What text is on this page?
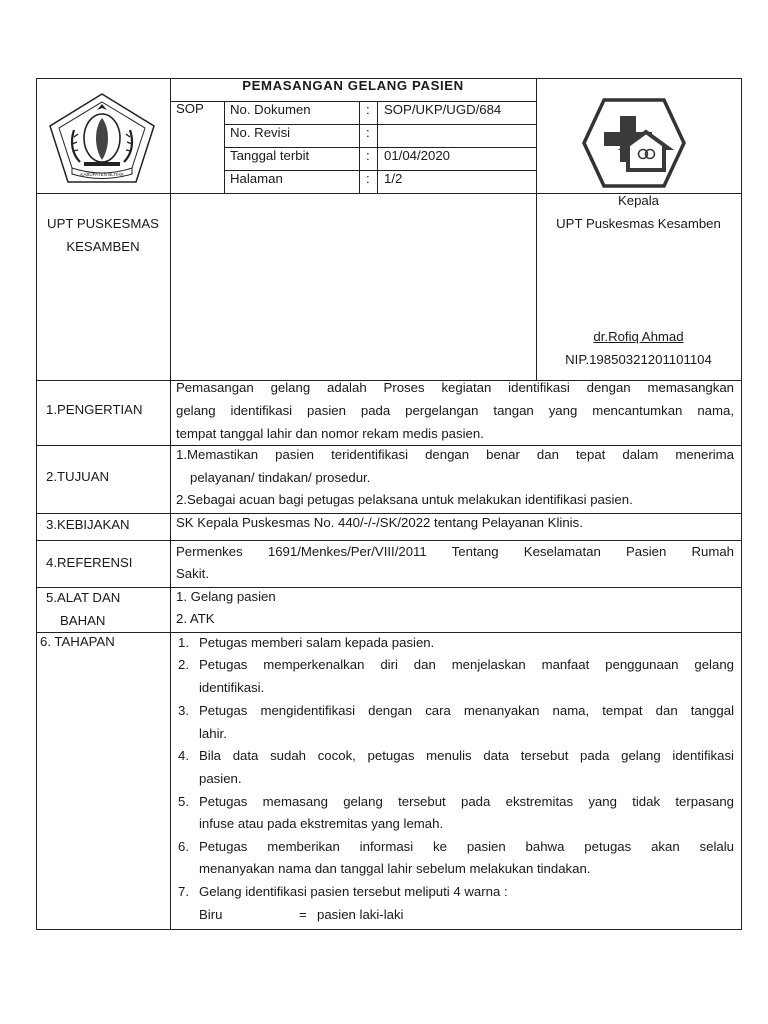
KABUPATEN BLITAR
PEMASANGAN GELANG PASIEN
SOP No. Dokumen	: SOP/UKP/UGD/684
No. Revisi	:
Tanggal terbit	: 01/04/2020
Halaman	: 1/2
UPT PUSKESMAS
KESAMBEN
Kepala
UPT Puskesmas Kesamben
dr.Rofiq Ahmad
NIP.19850321201101104
1.PENGERTIAN
Pemasangan gelang adalah Proses kegiatan identifikasi dengan memasangkan
gelang identifikasi pasien pada pergelangan tangan yang mencantumkan nama,
tempat tanggal lahir dan nomor rekam medis pasien.
2.TUJUAN
1.Memastikan pasien teridentifikasi dengan benar dan tepat dalam menerima
pelayanan/ tindakan/ prosedur.
2.Sebagai acuan bagi petugas pelaksana untuk melakukan identifikasi pasien.
3.KEBIJAKAN	SK Kepala Puskesmas No. 440/-/-/SK/2022 tentang Pelayanan Klinis.
4.REFERENSI
Permenkes 1691/Menkes/Per/VIII/2011 Tentang Keselamatan Pasien Rumah
Sakit.
5.ALAT DAN
BAHAN
1. Gelang pasien
2. ATK
6. TAHAPAN	1. Petugas memberi salam kepada pasien.
2. Petugas memperkenalkan diri dan menjelaskan manfaat penggunaan gelang
identifikasi.
3. Petugas mengidentifikasi dengan cara menanyakan nama, tempat dan tanggal
lahir.
4. Bila data sudah cocok, petugas menulis data tersebut pada gelang identifikasi
pasien.
5. Petugas memasang gelang tersebut pada ekstremitas yang tidak terpasang
infuse atau pada ekstremitas yang lemah.
6. Petugas memberikan informasi ke pasien bahwa petugas akan selalu
menanyakan nama dan tanggal lahir sebelum melakukan tindakan.
7. Gelang identifikasi pasien tersebut meliputi 4 warna :
Biru	= pasien laki-laki
